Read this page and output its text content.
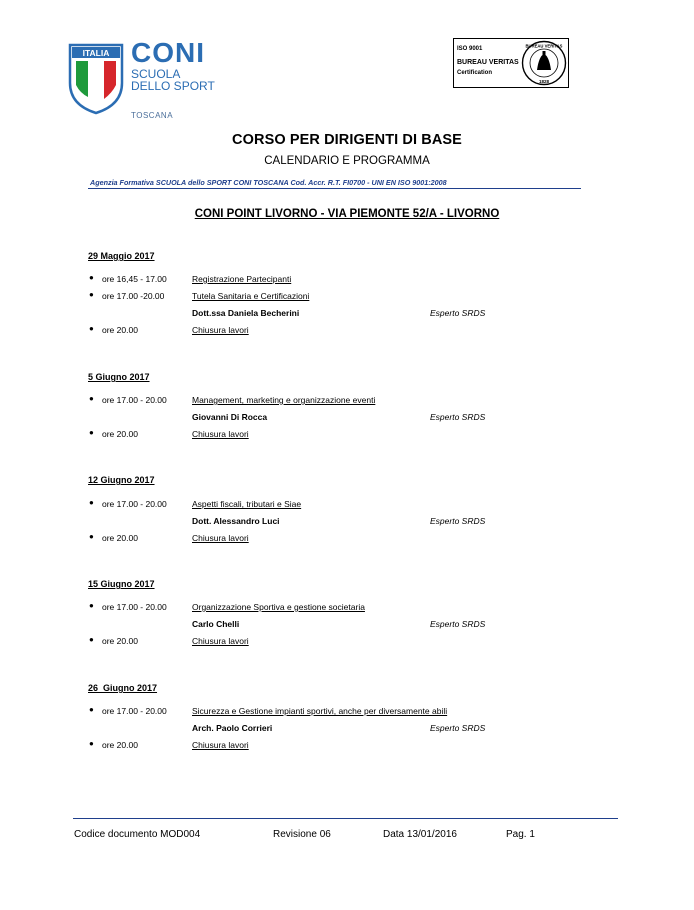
ITALIA CONI
SCUOLA
DELLO SPORT
TOSCANA
ISO 9001
BUREAU VERITAS
Certification
BUREAU VERITAS
1828
CORSO PER DIRIGENTI DI BASE
CALENDARIO E PROGRAMMA
Agenzia Formativa SCUOLA dello SPORT CONI TOSCANA Cod. Accr. R.T. FI0700 - UNI EN ISO 9001:2008
CONI POINT LIVORNO - VIA PIEMONTE 52/A - LIVORNO
29 Maggio 2017
● ore 16,45 - 17.00	Registrazione Partecipanti
● ore 17.00 -20.00	Tutela Sanitaria e Certificazioni
Dott.ssa Daniela Becherini	Esperto SRDS
● ore 20.00	Chiusura lavori
5 Giugno 2017
● ore 17.00 - 20.00	Management, marketing e organizzazione eventi
Giovanni Di Rocca	Esperto SRDS
● ore 20.00	Chiusura lavori
12 Giugno 2017
● ore 17.00 - 20.00	Aspetti fiscali, tributari e Siae
Dott. Alessandro Luci	Esperto SRDS
● ore 20.00	Chiusura lavori
15 Giugno 2017
● ore 17.00 - 20.00	Organizzazione Sportiva e gestione societaria
Carlo Chelli	Esperto SRDS
● ore 20.00	Chiusura lavori
26  Giugno 2017
● ore 17.00 - 20.00	Sicurezza e Gestione impianti sportivi, anche per diversamente abili
Arch. Paolo Corrieri	Esperto SRDS
● ore 20.00	Chiusura lavori
Codice documento MOD004	Revisione 06	Data 13/01/2016	Pag. 1
